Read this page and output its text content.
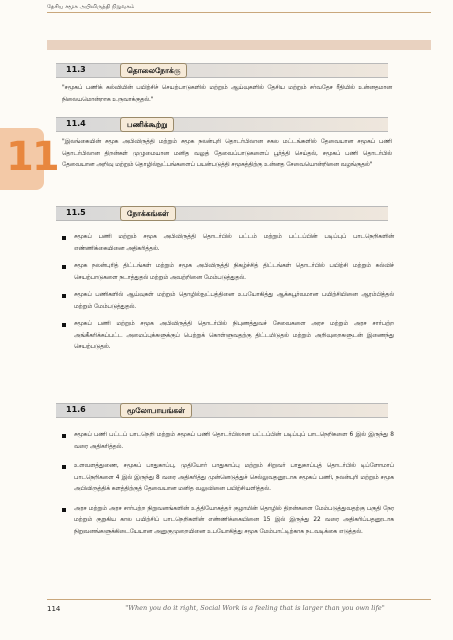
தேசிய சமூக அபிவிருத்தி நிறுவகம்
11
11.3	தொலைநோக்கு
"சமூகப் பணிக் கல்வியின் பயிற்சிச் செயற்பாடுகளில் மற்றும் ஆய்வுகளில் தேசிய மற்றும் சர்வதேச ரீதியில் உன்னதமான நிலையமொன்றாக உருவாக்குதல்."
11.4	பணிக்கூற்று
"இலங்கையின் சமூக அபிவிருத்தி மற்றும் சமூக நலன்புரி தொடர்பிலான சகல மட்டங்களில் தேவையான சமூகப் பணி தொடர்பிலான திறன்கள் முழுமையான மனித வலுத் தேவைப்பாடுகளைப் பூர்த்தி செய்தல், சமூகப் பணி தொடர்பில் தேவையான அறிவு மற்றும் தொழில்நுட்பங்களைப் பயன்படுத்தி சமூகத்திற்கு உன்னத சேவையொன்றினை வழங்குதல்"
11.5	நோக்கங்கள்
சமூகப் பணி மற்றும் சமூக அபிவிருத்தி தொடர்பில் பட்டம் மற்றும் பட்டப்பின் படிப்புப் பாடநெறிகளின் எண்ணிக்கையினை அதிகரித்தல்.
சமூக நலன்புரித் திட்டங்கள் மற்றும் சமூக அபிவிருத்தி நிகழ்ச்சித் திட்டங்கள் தொடர்பில் பயிற்சி மற்றும் கல்விச் செயற்பாடுகளை நடாத்துதல் மற்றும் அவற்றினை மேம்படுத்துதல்.
சமூகப் பணிகளில் ஆய்வுகள் மற்றும் தொழில்நுட்பத்தினை உபயோகித்து ஆக்கபூர்வமான பயிற்சியினை ஆரம்பித்தல் மற்றும் மேம்படுத்துதல்.
சமூகப் பணி மற்றும் சமூக அபிவிருத்தி தொடர்பில் நிபுணத்துவச் சேவைகளை அரச மற்றும் அரச சார்பற்ற அங்கீகரிக்கப்பட்ட அமைப்புக்களுக்குப் பெற்றுக் கொள்ளுவதற்கு திட்டமிடுதல் மற்றும் அறிவுறைகளுடன் இணைந்து செயற்படுதல்.
11.6	மூலோபாயங்கள்
சமூகப் பணி பட்டப் பாடநெறி மற்றும் சமூகப் பணி தொடர்பிலான பட்டப்பின் படிப்புப் பாடநெறிகளை 6 இல் இருந்து 8 வரை அதிகரித்தல்.
உளவளத்துணை, சமூகப் பாதுகாப்பு, முதியோர் பாதுகாப்பு மற்றும் சிறுவர் பாதுகாப்புத் தொடர்பில் டிப்ளோமாப் பாடநெறிகளை 4 இல் இருந்து 8 வரை அதிகரித்து முன்னெடுத்துச் செல்லுவதனூடாக சமூகப் பணி, நலன்புரி மற்றும் சமூக அபிவிருத்திக் களத்திற்குத் தேவையான மனித வலுவினை பயிற்சியளித்தல்.
அரச மற்றும் அரச சார்பற்ற நிறுவனங்களின் உத்தியோகத்தர் குழாமின் தொழில் திறன்களை மேம்படுத்துவதற்கு பகுதி நேர மற்றும் குறுகிய கால பயிற்சிப் பாடநெறிகளின் எண்ணிக்கையினை 15 இல் இருந்து 22 வரை அதிகரிப்பதனூடாக நிறுவனங்களுக்கிடையேயான அனுகுமுறையினை உபயோகித்து சமூக மேம்பாட்டிற்காக நடவடிக்கை எடுத்தல்.
114	"When you do it right, Social Work is a feeling that is larger than you own life"
